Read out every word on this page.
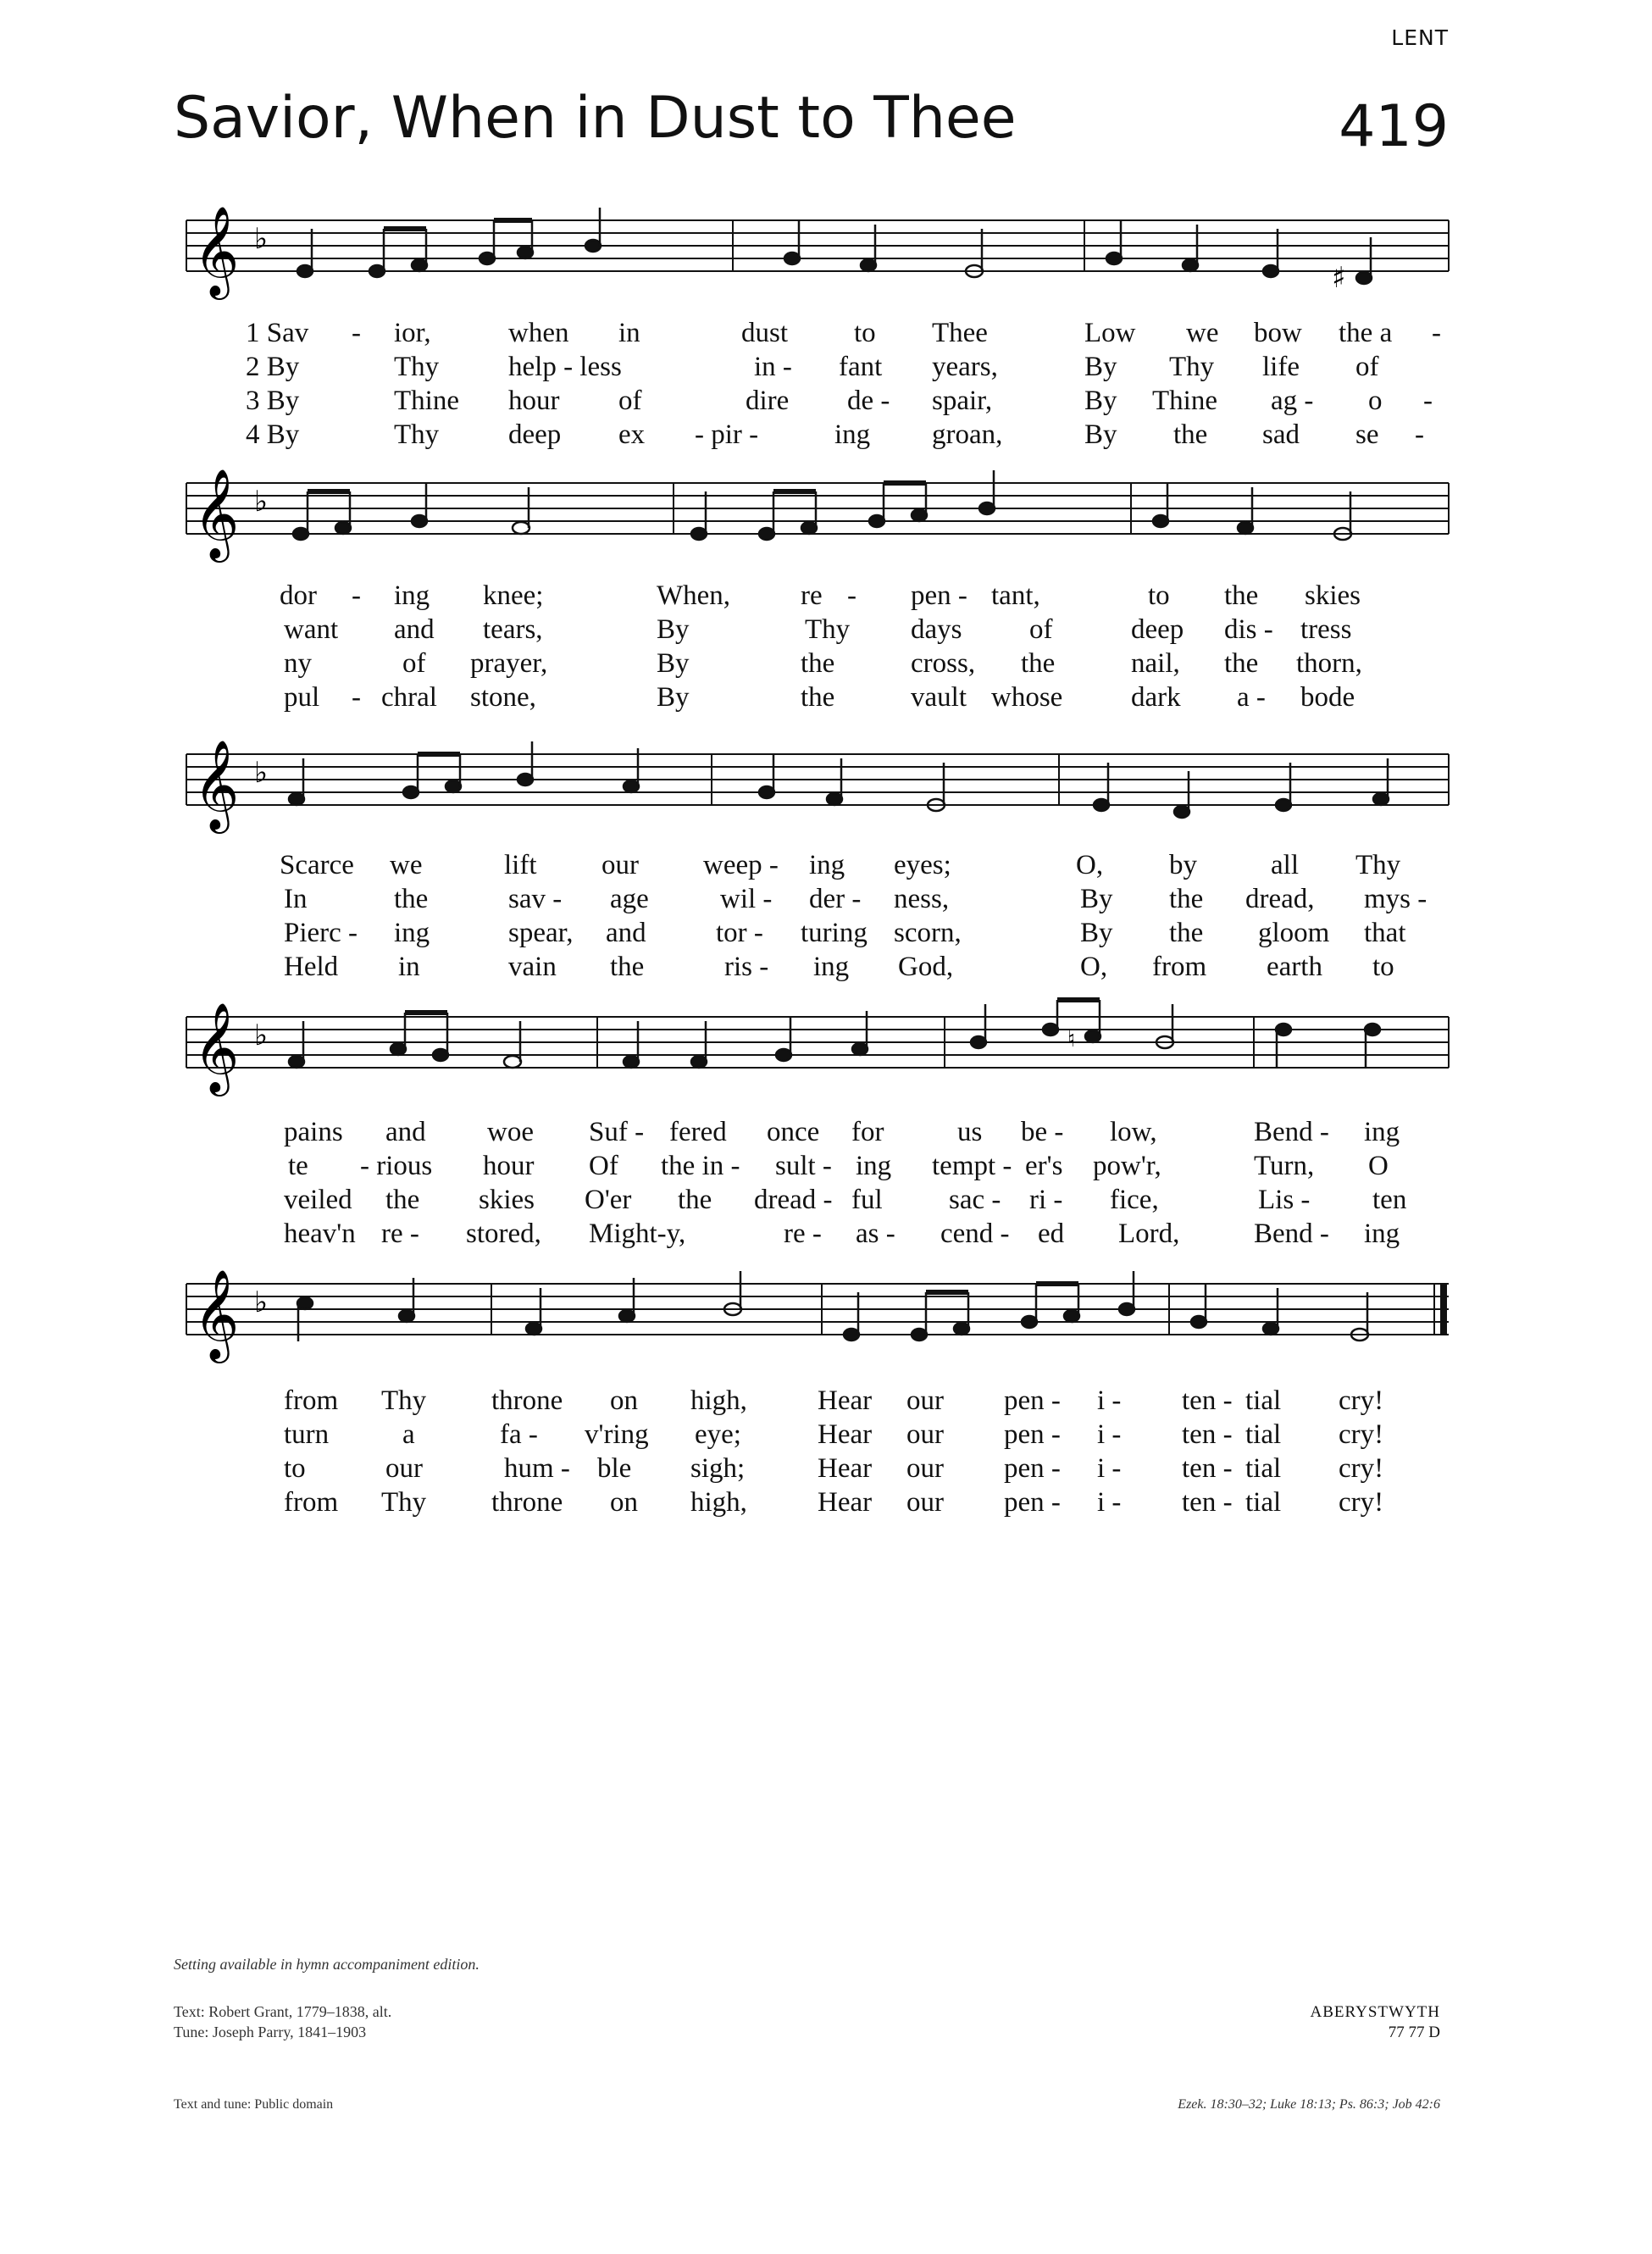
LENT
Savior, When in Dust to Thee	419
𝄞 ♭
♯
1 Sav - ior,	when in	dust to Thee	Low we bow the a -
2 By	Thy help - less	in - fant years,	By Thy life of
3 By	Thine hour of	dire de - spair,	By Thine ag - o -
4 By	Thy deep ex - pir -	ing groan,	By the sad se -
𝄞 ♭
dor - ing knee;	When,	re - pen - tant,	to the skies
want and tears,	By	Thy days of	deep dis - tress
ny	of prayer,	By	the	cross, the	nail, the thorn,
pul - chral stone,	By	the	vault whose dark a - bode
𝄞 ♭
Scarce we	lift our weep - ing eyes;	O, by	all Thy
In	the	sav - age	wil - der - ness,	By the dread, mys -
Pierc - ing	spear, and tor - turing scorn,	By the gloom that
Held in	vain the	ris - ing God,	O, from earth to
𝄞 ♭	♮
pains and woe Suf - fered once for	us be - low,	Bend - ing
te - rious hour Of the in - sult - ing tempt - er's pow'r,	Turn, O
veiled the skies O'er the dread - ful sac - ri - fice,	Lis - ten
heav'n re - stored, Might-y,	re - as - cend - ed Lord,	Bend - ing
𝄞 ♭
from Thy throne on high,	Hear our pen - i - ten - tial cry!
turn	a	fa - v'ring eye;	Hear our pen - i - ten - tial cry!
to	our	hum - ble sigh;	Hear our pen - i - ten - tial cry!
from Thy throne on high,	Hear our pen - i - ten - tial cry!
Setting available in hymn accompaniment edition.
Text: Robert Grant, 1779–1838, alt.
Tune: Joseph Parry, 1841–1903
ABERYSTWYTH
77 77 D
Text and tune: Public domain	Ezek. 18:30–32; Luke 18:13; Ps. 86:3; Job 42:6
